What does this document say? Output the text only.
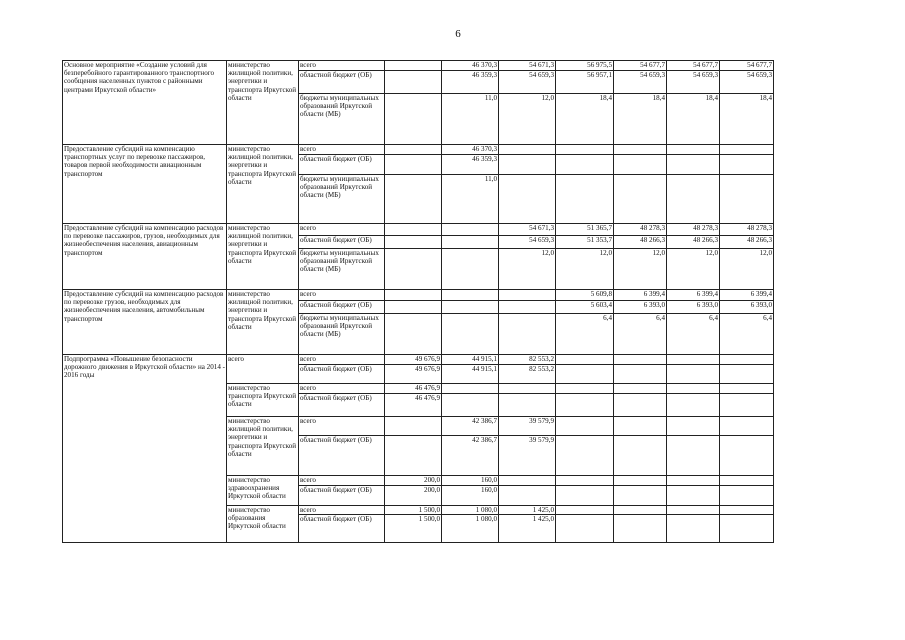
6
Основное мероприятие «Создание условий для безперебойного гарантированного транспортного сообщения населенных пунктов с районными центрами Иркутской области»	министерство жилищной политики, энергетики и транспорта Иркутской области	всего		46 370,3	54 671,3	56 975,5	54 677,7	54 677,7	54 677,7
		областной бюджет (ОБ)		46 359,3	54 659,3	56 957,1	54 659,3	54 659,3	54 659,3
		бюджеты муниципальных образований Иркутской области (МБ)		11,0	12,0	18,4	18,4	18,4	18,4
Предоставление субсидий на компенсацию транспортных услуг по перевозке пассажиров, товаров первой необходимости авиационным транспортом	министерство жилищной политики, энергетики и транспорта Иркутской области	всего		46 370,3					
		областной бюджет (ОБ)		46 359,3					
		бюджеты муниципальных образований Иркутской области (МБ)		11,0					
Предоставление субсидий на компенсацию расходов по перевозке пассажиров, грузов, необходимых для жизнеобеспечения населения, авиационным транспортом	министерство жилищной политики, энергетики и транспорта Иркутской области	всего			54 671,3	51 365,7	48 278,3	48 278,3	48 278,3
		областной бюджет (ОБ)			54 659,3	51 353,7	48 266,3	48 266,3	48 266,3
		бюджеты муниципальных образований Иркутской области (МБ)			12,0	12,0	12,0	12,0	12,0
Предоставление субсидий на компенсацию расходов по перевозке грузов, необходимых для жизнеобеспечения населения, автомобильным транспортом	министерство жилищной политики, энергетики и транспорта Иркутской области	всего				5 609,8	6 399,4	6 399,4	6 399,4
		областной бюджет (ОБ)				5 603,4	6 393,0	6 393,0	6 393,0
		бюджеты муниципальных образований Иркутской области (МБ)				6,4	6,4	6,4	6,4
Подпрограмма «Повышение безопасности дорожного движения в Иркутской области» на 2014 - 2016 годы	всего	всего	49 676,9	44 915,1	82 553,2				
		областной бюджет (ОБ)	49 676,9	44 915,1	82 553,2				
	министерство транспорта Иркутской области	всего	46 476,9						
		областной бюджет (ОБ)	46 476,9						
	министерство жилищной политики, энергетики и транспорта Иркутской области	всего		42 386,7	39 579,9				
		областной бюджет (ОБ)		42 386,7	39 579,9				
	министерство здравоохранения Иркутской области	всего	200,0	160,0					
		областной бюджет (ОБ)	200,0	160,0					
	министерство образования Иркутской области	всего	1 500,0	1 080,0	1 425,0				
		областной бюджет (ОБ)	1 500,0	1 080,0	1 425,0				
